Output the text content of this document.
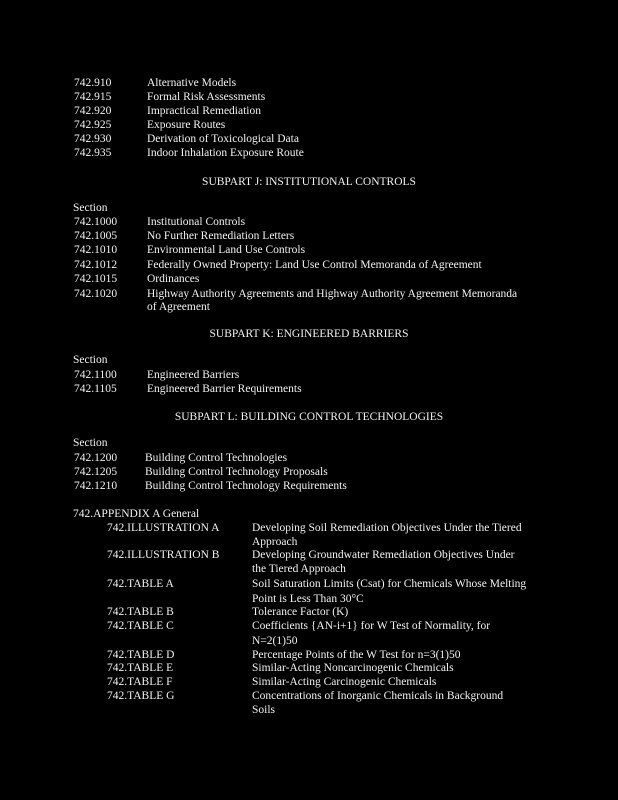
742.910	Alternative Models
742.915	Formal Risk Assessments
742.920	Impractical Remediation
742.925	Exposure Routes
742.930	Derivation of Toxicological Data
742.935	Indoor Inhalation Exposure Route
SUBPART J: INSTITUTIONAL CONTROLS
Section
742.1000	Institutional Controls
742.1005	No Further Remediation Letters
742.1010	Environmental Land Use Controls
742.1012	Federally Owned Property: Land Use Control Memoranda of Agreement
742.1015	Ordinances
742.1020	Highway Authority Agreements and Highway Authority Agreement Memoranda
of Agreement
SUBPART K: ENGINEERED BARRIERS
Section
742.1100	Engineered Barriers
742.1105	Engineered Barrier Requirements
SUBPART L: BUILDING CONTROL TECHNOLOGIES
Section
742.1200 Building Control Technologies
742.1205 Building Control Technology Proposals
742.1210 Building Control Technology Requirements
742.APPENDIX A General
742.ILLUSTRATION A	Developing Soil Remediation Objectives Under the Tiered
Approach
742.ILLUSTRATION B	Developing Groundwater Remediation Objectives Under
the Tiered Approach
742.TABLE A	Soil Saturation Limits (Csat) for Chemicals Whose Melting
Point is Less Than 30°C
742.TABLE B	Tolerance Factor (K)
742.TABLE C	Coefficients {AN-i+1} for W Test of Normality, for
N=2(1)50
742.TABLE D	Percentage Points of the W Test for n=3(1)50
742.TABLE E	Similar-Acting Noncarcinogenic Chemicals
742.TABLE F	Similar-Acting Carcinogenic Chemicals
742.TABLE G	Concentrations of Inorganic Chemicals in Background
Soils
